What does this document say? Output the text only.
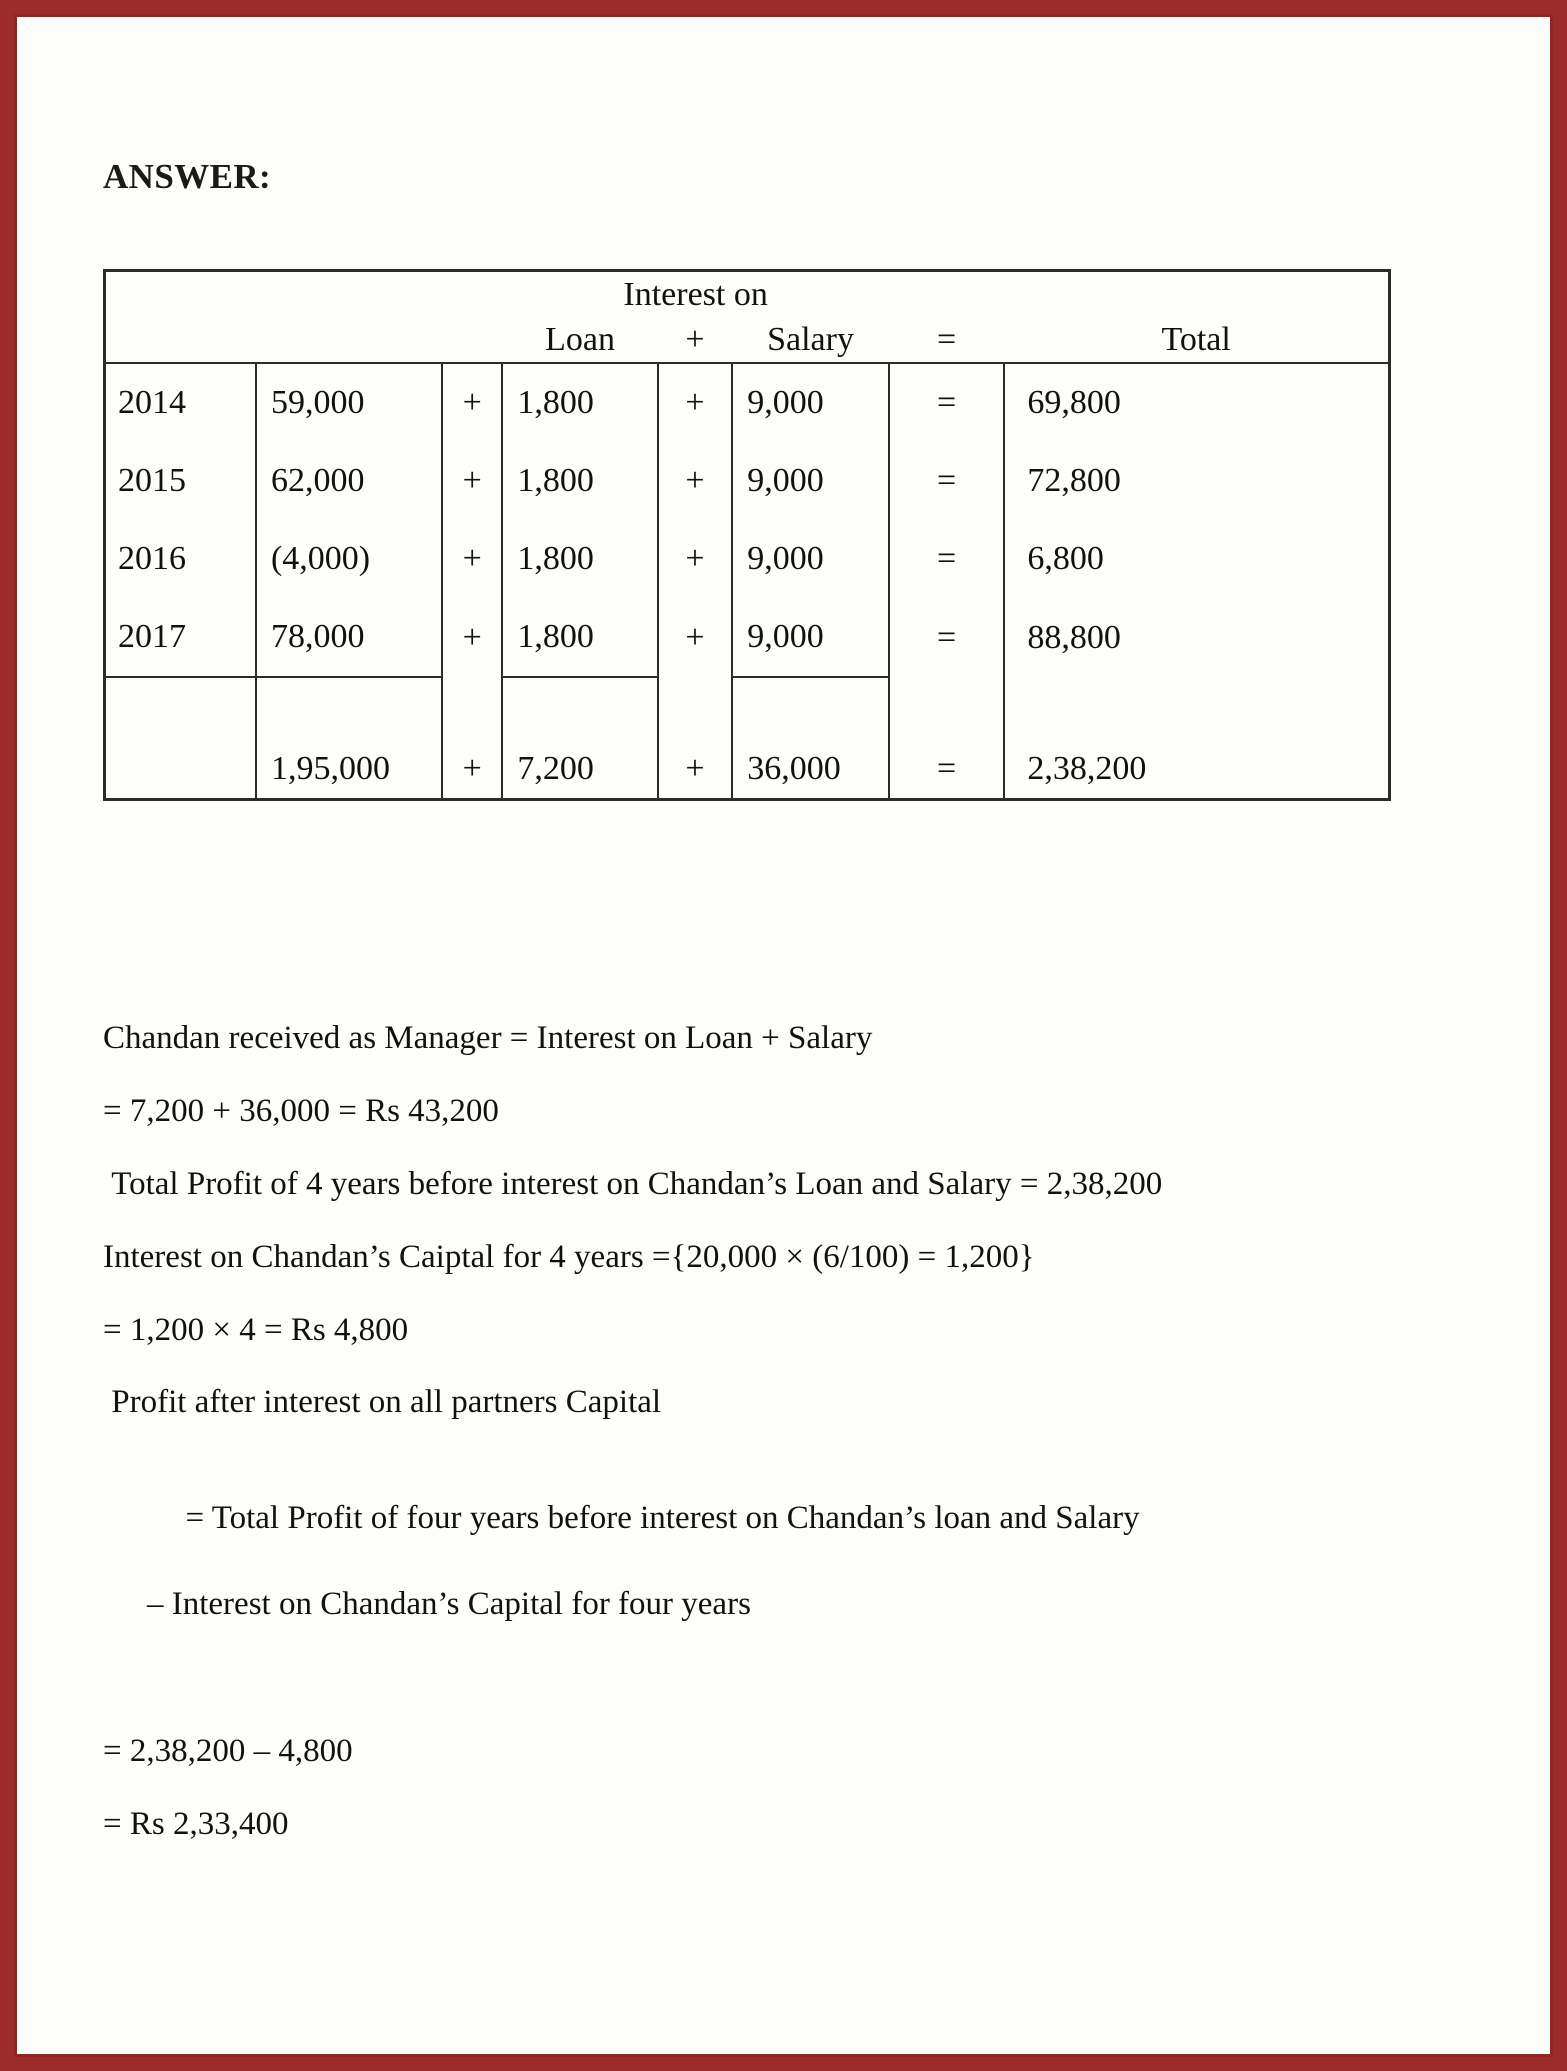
ANSWER:
			Interest on				
			Loan	+	Salary	=	Total
2014	59,000	+	1,800	+	9,000	=	69,800
2015	62,000	+	1,800	+	9,000	=	72,800
2016	(4,000)	+	1,800	+	9,000	=	6,800
2017	78,000	+	1,800	+	9,000	=	88,800
	1,95,000	+	7,200	+	36,000	=	2,38,200

Chandan received as Manager = Interest on Loan + Salary

= 7,200 + 36,000 = Rs 43,200

Total Profit of 4 years before interest on Chandan’s Loan and Salary = 2,38,200

Interest on Chandan’s Caiptal for 4 years ={20,000 × (6/100) = 1,200}

= 1,200 × 4 = Rs 4,800

Profit after interest on all partners Capital

= Total Profit of four years before interest on Chandan’s loan and Salary

– Interest on Chandan’s Capital for four years

= 2,38,200 – 4,800

= Rs 2,33,400
